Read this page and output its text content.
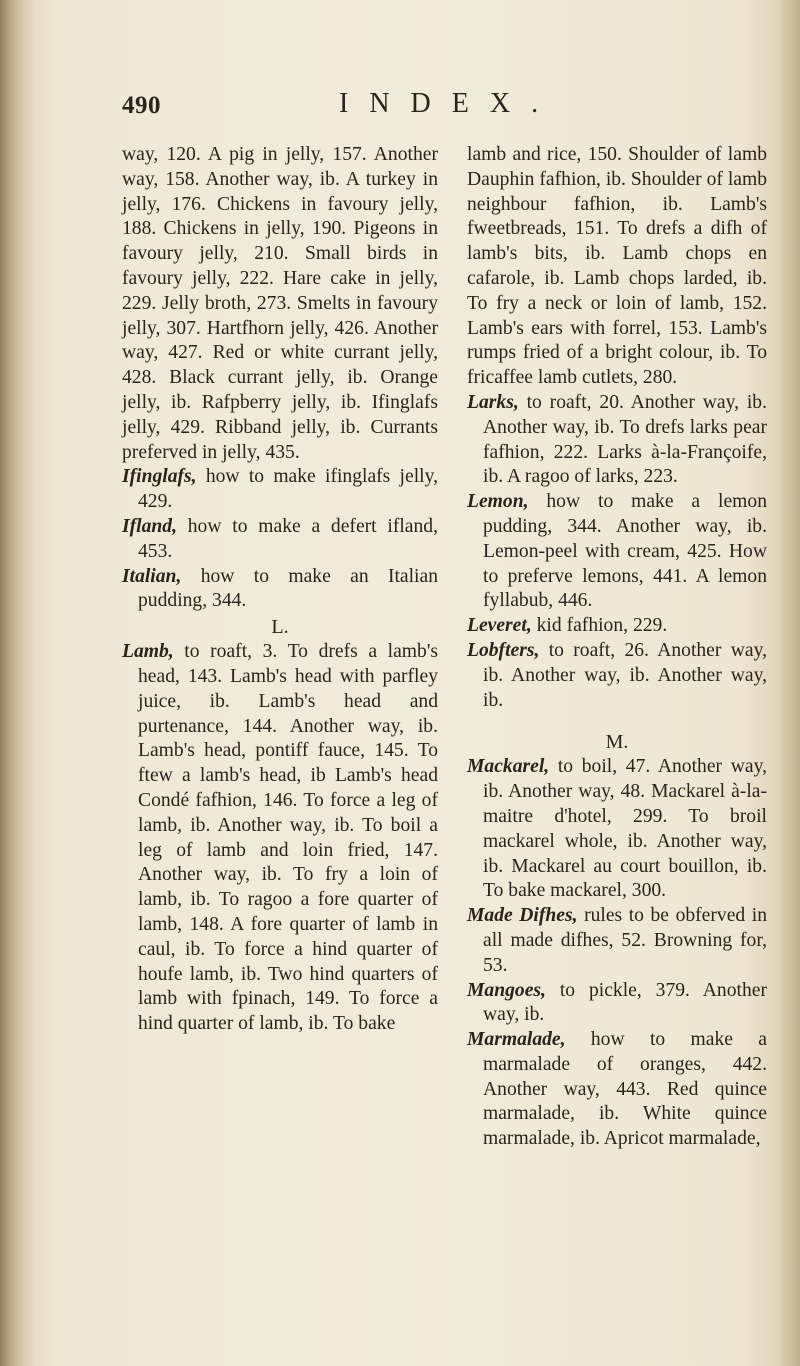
490	INDEX.

way, 120. A pig in jelly, 157. Another way, 158. Another way, ib. A turkey in jelly, 176. Chickens in favoury jelly, 188. Chickens in jelly, 190. Pigeons in favoury jelly, 210. Small birds in favoury jelly, 222. Hare cake in jelly, 229. Jelly broth, 273. Smelts in favoury jelly, 307. Hartfhorn jelly, 426. Another way, 427. Red or white currant jelly, 428. Black currant jelly, ib. Orange jelly, ib. Rafpberry jelly, ib. Ifinglafs jelly, 429. Ribband jelly, ib. Currants preferved in jelly, 435.

Ifinglafs, how to make ifinglafs jelly, 429.

Ifland, how to make a defert ifland, 453.

Italian, how to make an Italian pudding, 344.

L.

Lamb, to roaft, 3. To drefs a lamb's head, 143. Lamb's head with parfley juice, ib. Lamb's head and purtenance, 144. Another way, ib. Lamb's head, pontiff fauce, 145. To ftew a lamb's head, ib Lamb's head Condé fafhion, 146. To force a leg of lamb, ib. Another way, ib. To boil a leg of lamb and loin fried, 147. Another way, ib. To fry a loin of lamb, ib. To ragoo a fore quarter of lamb, 148. A fore quarter of lamb in caul, ib. To force a hind quarter of houfe lamb, ib. Two hind quarters of lamb with fpinach, 149. To force a hind quarter of lamb, ib. To bake

lamb and rice, 150. Shoulder of lamb Dauphin fafhion, ib. Shoulder of lamb neighbour fafhion, ib. Lamb's fweetbreads, 151. To drefs a difh of lamb's bits, ib. Lamb chops en cafarole, ib. Lamb chops larded, ib. To fry a neck or loin of lamb, 152. Lamb's ears with forrel, 153. Lamb's rumps fried of a bright colour, ib. To fricaffee lamb cutlets, 280.

Larks, to roaft, 20. Another way, ib. Another way, ib. To drefs larks pear fafhion, 222. Larks à-la-Françoife, ib. A ragoo of larks, 223.

Lemon, how to make a lemon pudding, 344. Another way, ib. Lemon-peel with cream, 425. How to preferve lemons, 441. A lemon fyllabub, 446.

Leveret, kid fafhion, 229.

Lobfters, to roaft, 26. Another way, ib. Another way, ib. Another way, ib.

M.

Mackarel, to boil, 47. Another way, ib. Another way, 48. Mackarel à-la-maitre d'hotel, 299. To broil mackarel whole, ib. Another way, ib. Mackarel au court bouillon, ib. To bake mackarel, 300.

Made Difhes, rules to be obferved in all made difhes, 52. Browning for, 53.

Mangoes, to pickle, 379. Another way, ib.

Marmalade, how to make a marmalade of oranges, 442. Another way, 443. Red quince marmalade, ib. White quince marmalade, ib. Apricot marmalade,
